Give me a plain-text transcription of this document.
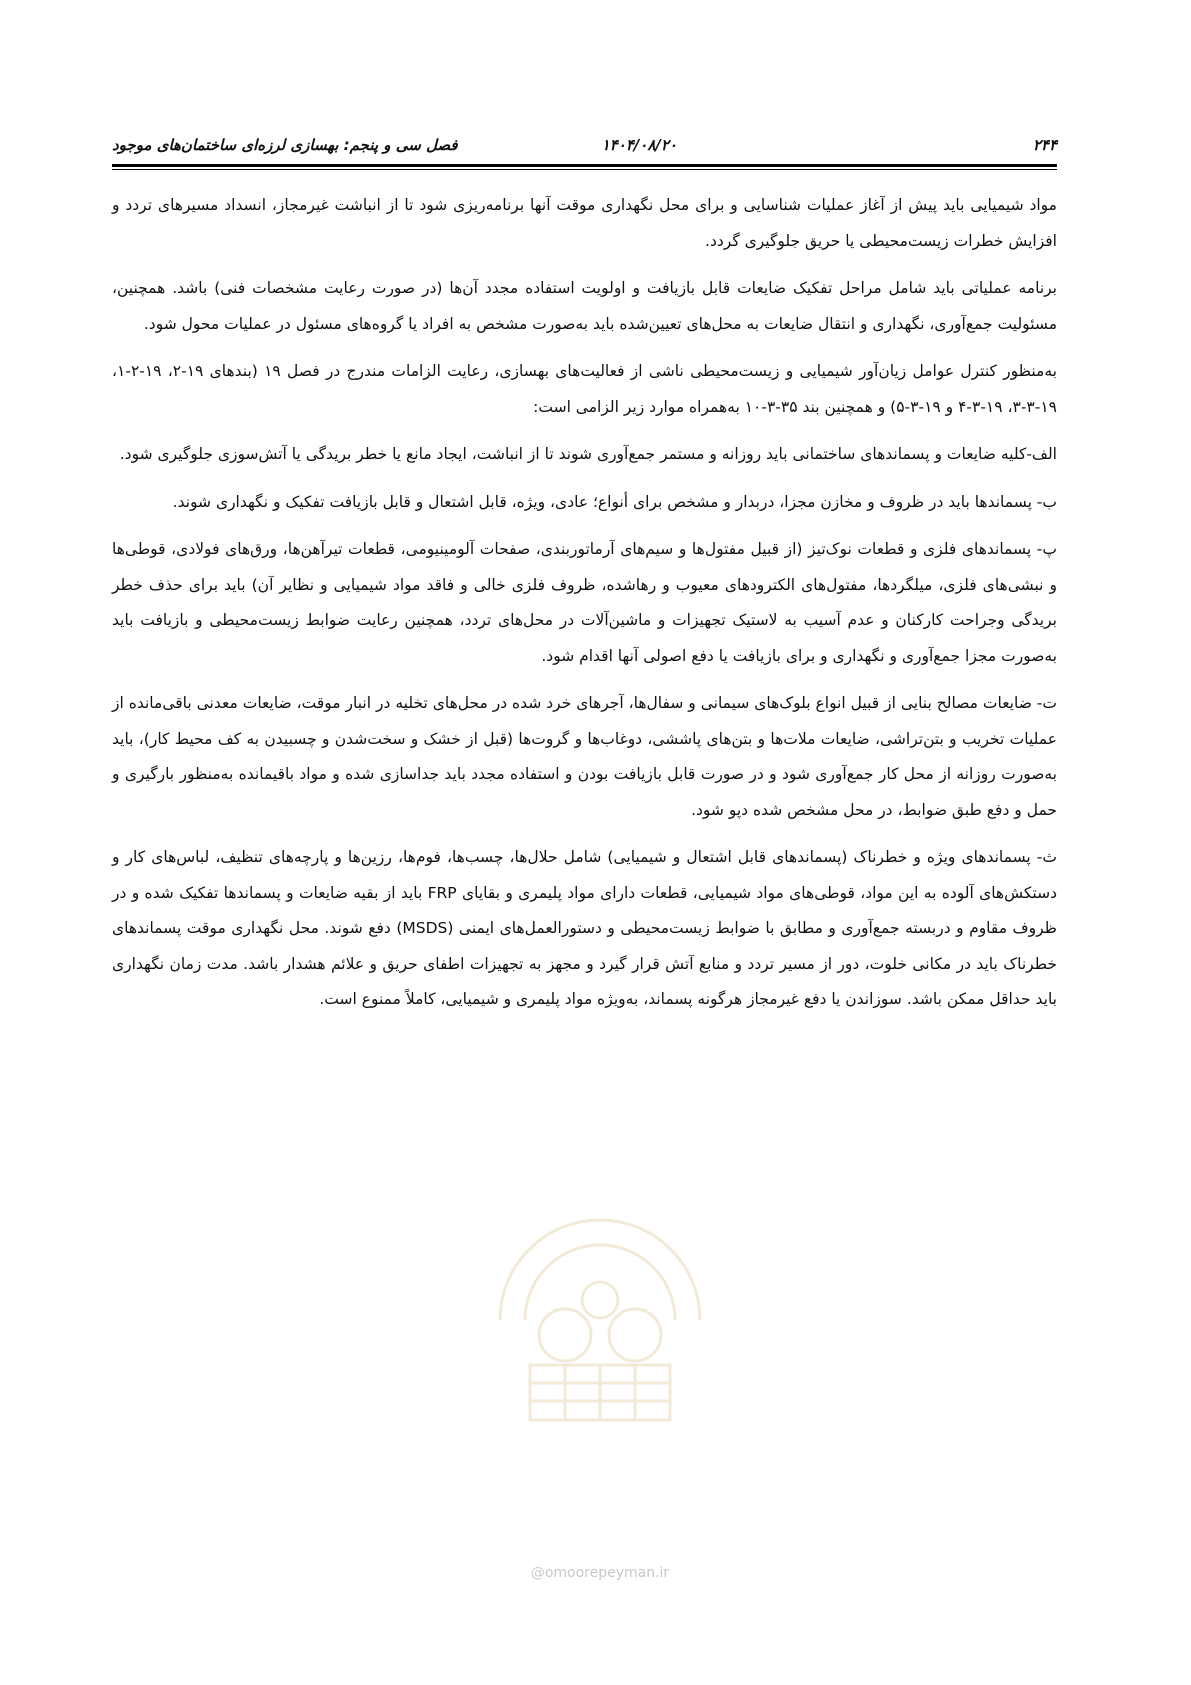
۲۴۴
۱۴۰۴/۰۸/۲۰
فصل سی و پنجم: بهسازی لرزه‌ای ساختمان‌های موجود

مواد شیمیایی باید پیش از آغاز عملیات شناسایی و برای محل نگهداری موقت آنها برنامه‌ریزی شود تا از انباشت غیرمجاز، انسداد مسیرهای تردد و افزایش خطرات زیست‌محیطی یا حریق جلوگیری گردد.

برنامه عملیاتی باید شامل مراحل تفکیک ضایعات قابل بازیافت و اولویت استفاده مجدد آن‌ها (در صورت رعایت مشخصات فنی) باشد. همچنین، مسئولیت جمع‌آوری، نگهداری و انتقال ضایعات به محل‌های تعیین‌شده باید به‌صورت مشخص به افراد یا گروه‌های مسئول در عملیات محول شود.

به‌منظور کنترل عوامل زیان‌آور شیمیایی و زیست‌محیطی ناشی از فعالیت‌های بهسازی، رعایت الزامات مندرج در فصل ۱۹ (بندهای ۱۹-۲، ۱۹-۲-۱، ۱۹-۳-۳، ۱۹-۳-۴ و ۱۹-۳-۵) و همچنین بند ۳۵-۳-۱۰ به‌همراه موارد زیر الزامی است:

الف-کلیه ضایعات و پسماندهای ساختمانی باید روزانه و مستمر جمع‌آوری شوند تا از انباشت، ایجاد مانع یا خطر بریدگی یا آتش‌سوزی جلوگیری شود.

ب- پسماندها باید در ظروف و مخازن مجزا، دربدار و مشخص برای أنواع؛ عادی، ویژه، قابل اشتعال و قابل بازیافت تفکیک و نگهداری شوند.

پ- پسماندهای فلزی و قطعات نوک‌تیز (از قبیل مفتول‌ها و سیم‌های آرماتوربندی، صفحات آلومینیومی، قطعات تیرآهن‌ها، ورق‌های فولادی، قوطی‌ها و نبشی‌های فلزی، میلگردها، مفتول‌های الکترودهای معیوب و رهاشده، ظروف فلزی خالی و فاقد مواد شیمیایی و نظایر آن) باید برای حذف خطر بریدگی وجراحت کارکنان و عدم آسیب به لاستیک تجهیزات و ماشین‌آلات در محل‌های تردد، همچنین رعایت ضوابط زیست‌محیطی و بازیافت باید به‌صورت مجزا جمع‌آوری و نگهداری و برای بازیافت یا دفع اصولی آنها اقدام شود.

ت- ضایعات مصالح بنایی از قبیل انواع بلوک‌های سیمانی و سفال‌ها، آجرهای خرد شده در محل‌های تخلیه در انبار موقت، ضایعات معدنی باقی‌مانده از عملیات تخریب و بتن‌تراشی، ضایعات ملات‌ها و بتن‌های پاششی، دوغاب‌ها و گروت‌ها (قبل از خشک و سخت‌شدن و چسبیدن به کف محیط کار)، باید به‌صورت روزانه از محل کار جمع‌آوری شود و در صورت قابل بازیافت بودن و استفاده مجدد باید جداسازی شده و مواد باقیمانده به‌منظور بارگیری و حمل و دفع طبق ضوابط، در محل مشخص شده دپو شود.

ث- پسماندهای ویژه و خطرناک (پسماندهای قابل اشتعال و شیمیایی) شامل حلال‌ها، چسب‌ها، فوم‌ها، رزین‌ها و پارچه‌های تنظیف، لباس‌های کار و دستکش‌های آلوده به این مواد، قوطی‌های مواد شیمیایی، قطعات دارای مواد پلیمری و بقایای FRP باید از بقیه ضایعات و پسماندها تفکیک شده و در ظروف مقاوم و دربسته جمع‌آوری و مطابق با ضوابط زیست‌محیطی و دستورالعمل‌های ایمنی (MSDS) دفع شوند. محل نگهداری موقت پسماندهای خطرناک باید در مکانی خلوت، دور از مسیر تردد و منابع آتش قرار گیرد و مجهز به تجهیزات اطفای حریق و علائم هشدار باشد. مدت زمان نگهداری باید حداقل ممکن باشد. سوزاندن یا دفع غیرمجاز هرگونه پسماند، به‌ویژه مواد پلیمری و شیمیایی، کاملاً ممنوع است.

@omoorepeyman.ir
